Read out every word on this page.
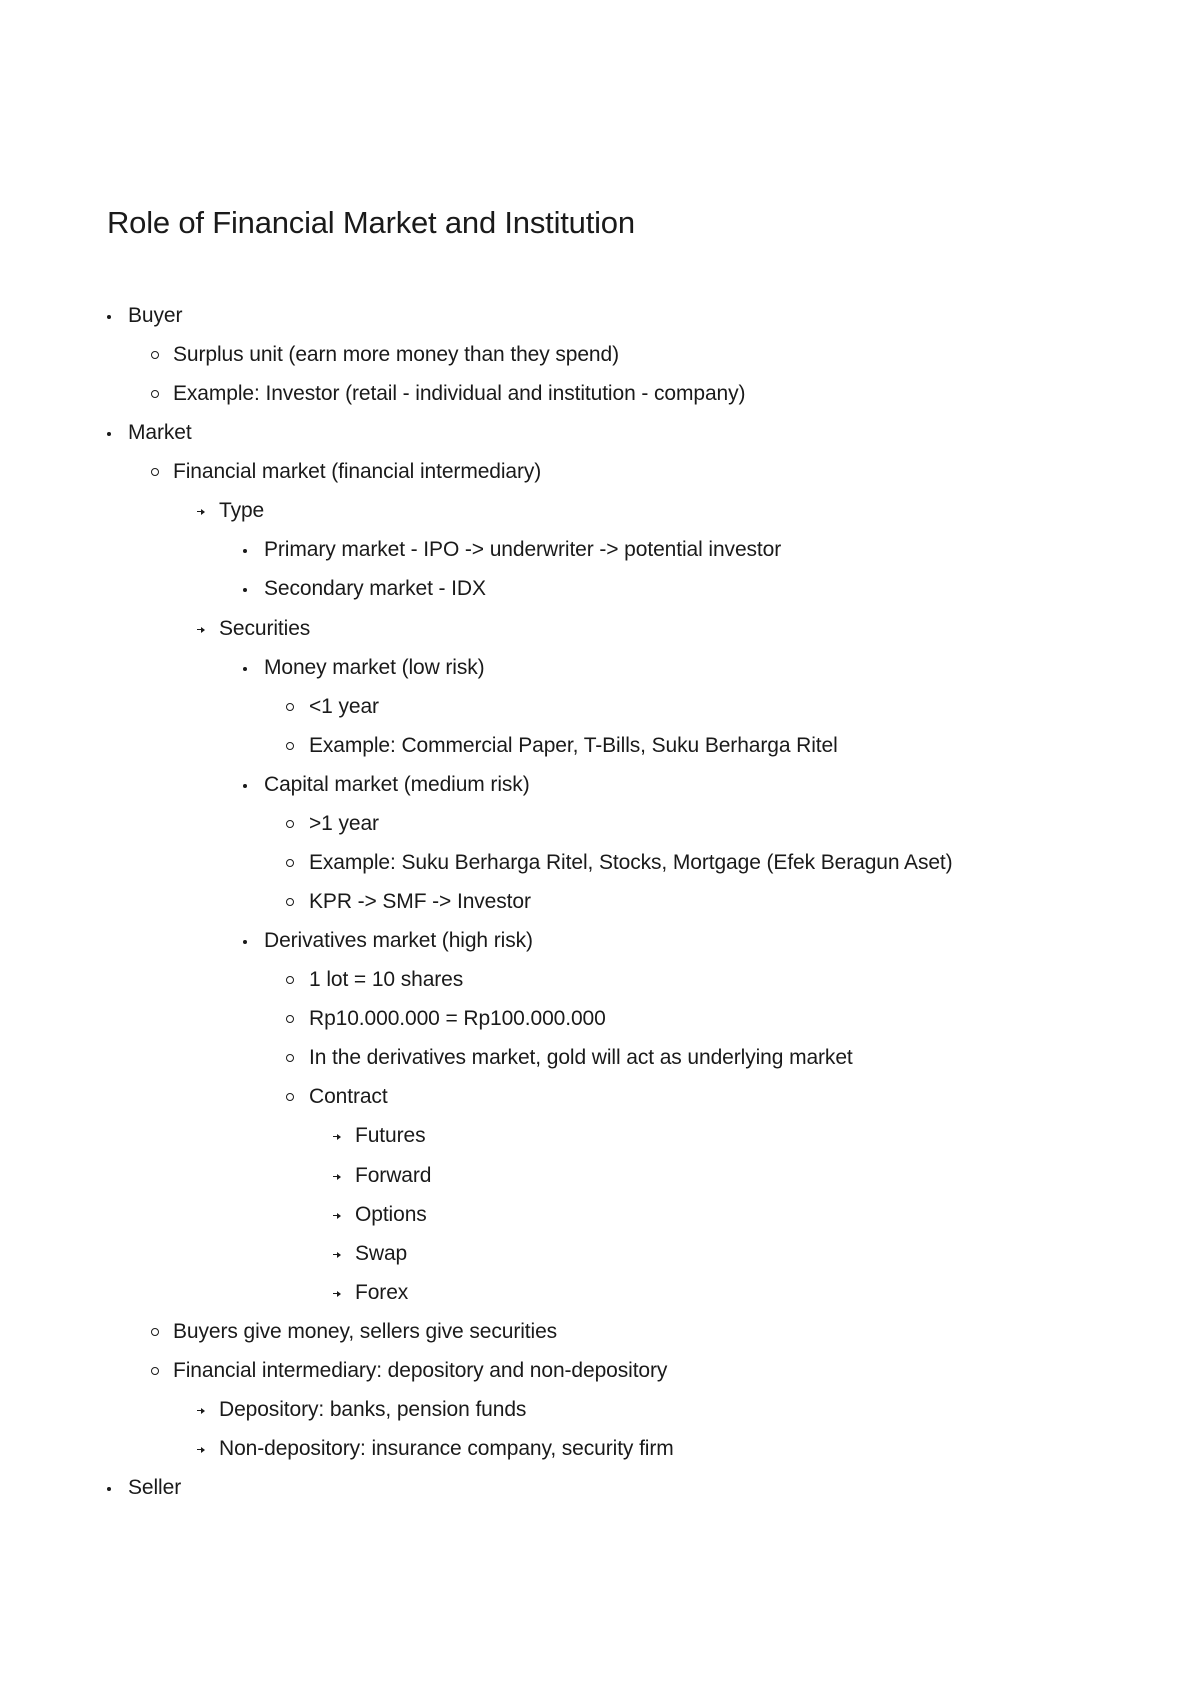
Role of Financial Market and Institution
Buyer
Surplus unit (earn more money than they spend)
Example: Investor (retail - individual and institution - company)
Market
Financial market (financial intermediary)
Type
Primary market - IPO -> underwriter -> potential investor
Secondary market - IDX
Securities
Money market (low risk)
<1 year
Example: Commercial Paper, T-Bills, Suku Berharga Ritel
Capital market (medium risk)
>1 year
Example: Suku Berharga Ritel, Stocks, Mortgage (Efek Beragun Aset)
KPR -> SMF -> Investor
Derivatives market (high risk)
1 lot = 10 shares
Rp10.000.000 = Rp100.000.000
In the derivatives market, gold will act as underlying market
Contract
Futures
Forward
Options
Swap
Forex
Buyers give money, sellers give securities
Financial intermediary: depository and non-depository
Depository: banks, pension funds
Non-depository: insurance company, security firm
Seller
